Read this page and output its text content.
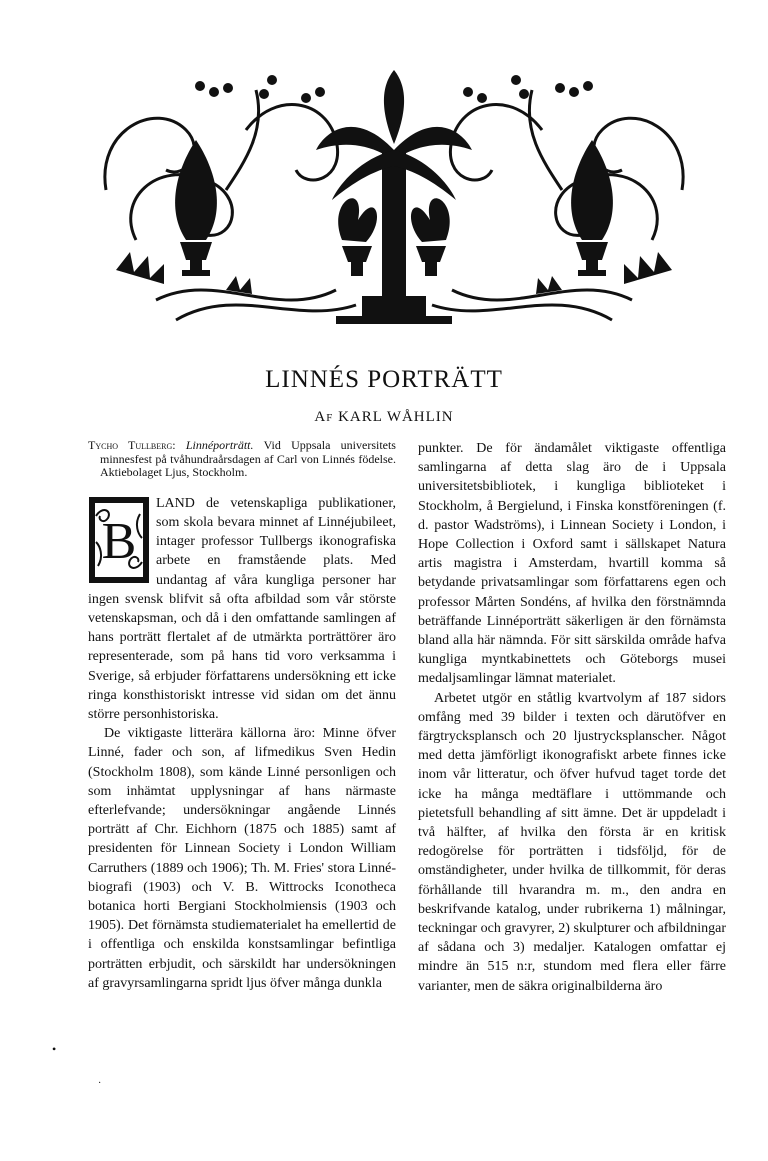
LINNÉS PORTRÄTT
AF KARL WÅHLIN

Tycho Tullberg: Linnéporträtt. Vid Uppsala universitets minnesfest på tvåhundraårsdagen af Carl von Linnés födelse. Aktiebolaget Ljus, Stockholm.

B

LAND de vetenskapliga publikationer, som skola bevara minnet af Linnéjubileet, intager professor Tullbergs ikonografiska arbete en framstående plats. Med undantag af våra kungliga personer har ingen svensk blifvit så ofta afbildad som vår störste vetenskapsman, och då i den omfattande samlingen af hans porträtt flertalet af de utmärkta porträttörer äro representerade, som på hans tid voro verksamma i Sverige, så erbjuder författarens undersökning ett icke ringa konsthistoriskt intresse vid sidan om det ännu större personhistoriska.

De viktigaste litterära källorna äro: Minne öfver Linné, fader och son, af lifmedikus Sven Hedin (Stockholm 1808), som kände Linné personligen och som inhämtat upplysningar af hans närmaste efterlefvande; undersökningar angående Linnés porträtt af Chr. Eichhorn (1875 och 1885) samt af presidenten för Linnean Society i London William Carruthers (1889 och 1906); Th. M. Fries' stora Linné-biografi (1903) och V. B. Wittrocks Iconotheca botanica horti Bergiani Stockholmiensis (1903 och 1905). Det förnämsta studiematerialet ha emellertid de i offentliga och enskilda konstsamlingar befintliga porträtten erbjudit, och särskildt har undersökningen af gravyrsamlingarna spridt ljus öfver många dunkla

punkter. De för ändamålet viktigaste offentliga samlingarna af detta slag äro de i Uppsala universitetsbibliotek, i kungliga biblioteket i Stockholm, å Bergielund, i Finska konstföreningen (f. d. pastor Wadströms), i Linnean Society i London, i Hope Collection i Oxford samt i sällskapet Natura artis magistra i Amsterdam, hvartill komma så betydande privatsamlingar som författarens egen och professor Mårten Sondéns, af hvilka den förstnämnda beträffande Linnéporträtt säkerligen är den förnämsta bland alla här nämnda. För sitt särskilda område hafva kungliga myntkabinettets och Göteborgs musei medaljsamlingar lämnat materialet.

Arbetet utgör en ståtlig kvartvolym af 187 sidors omfång med 39 bilder i texten och därutöfver en färgtrycksplansch och 20 ljustrycksplanscher. Något med detta jämförligt ikonografiskt arbete finnes icke inom vår litteratur, och öfver hufvud taget torde det icke ha många medtäflare i uttömmande och pietetsfull behandling af sitt ämne. Det är uppdeladt i två hälfter, af hvilka den första är en kritisk redogörelse för porträtten i tidsföljd, för de omständigheter, under hvilka de tillkommit, för deras förhållande till hvarandra m. m., den andra en beskrifvande katalog, under rubrikerna 1) målningar, teckningar och gravyrer, 2) skulpturer och afbildningar af sådana och 3) medaljer. Katalogen omfattar ej mindre än 515 n:r, stundom med flera eller färre varianter, men de säkra originalbilderna äro

•
·
